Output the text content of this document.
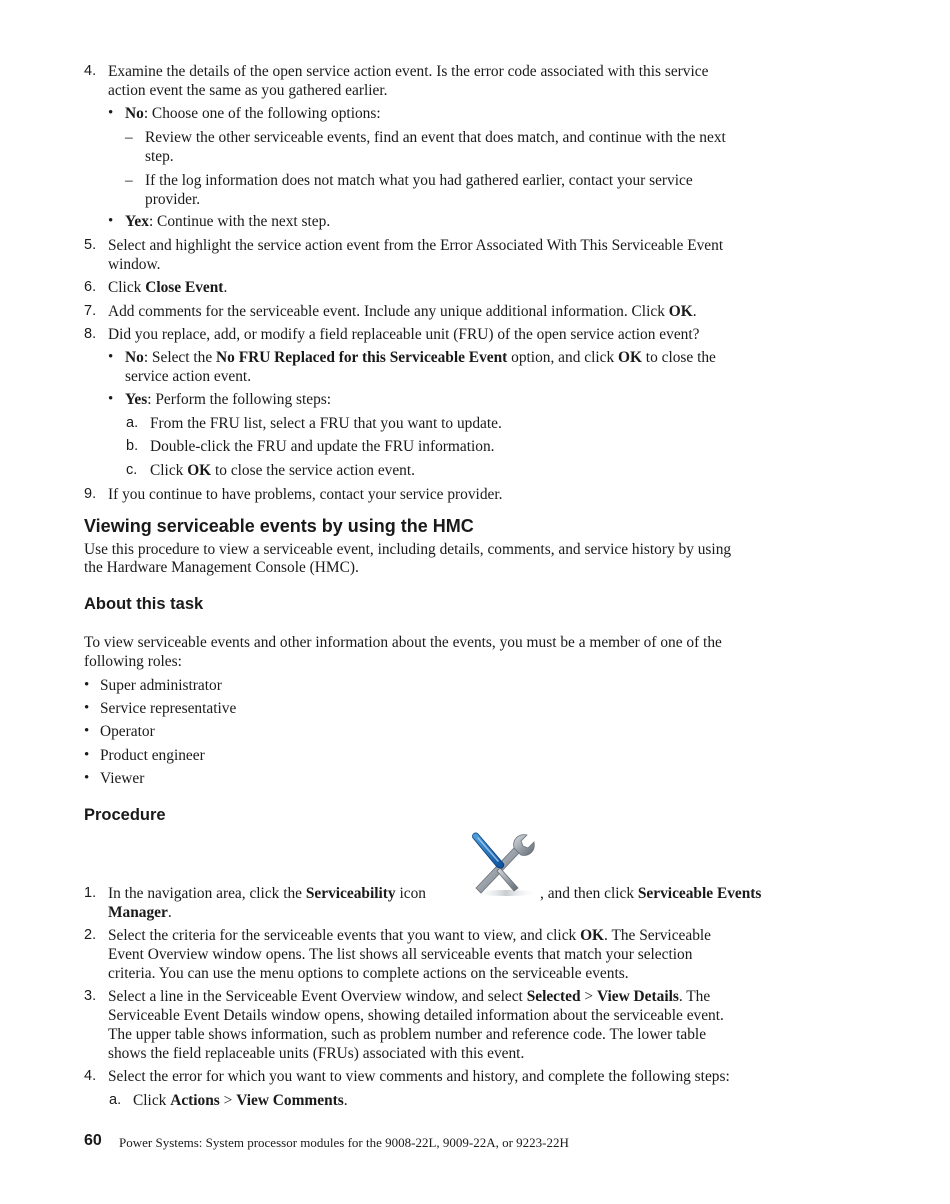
4. Examine the details of the open service action event. Is the error code associated with this service
action event the same as you gathered earlier.
• No: Choose one of the following options:
– Review the other serviceable events, find an event that does match, and continue with the next
step.
– If the log information does not match what you had gathered earlier, contact your service
provider.
• Yex: Continue with the next step.
5. Select and highlight the service action event from the Error Associated With This Serviceable Event
window.
6. Click Close Event.
7. Add comments for the serviceable event. Include any unique additional information. Click OK.
8. Did you replace, add, or modify a field replaceable unit (FRU) of the open service action event?
• No: Select the No FRU Replaced for this Serviceable Event option, and click OK to close the
service action event.
• Yes: Perform the following steps:
a. From the FRU list, select a FRU that you want to update.
b. Double-click the FRU and update the FRU information.
c. Click OK to close the service action event.
9. If you continue to have problems, contact your service provider.
Viewing serviceable events by using the HMC
Use this procedure to view a serviceable event, including details, comments, and service history by using
the Hardware Management Console (HMC).
About this task
To view serviceable events and other information about the events, you must be a member of one of the
following roles:
• Super administrator
• Service representative
• Operator
• Product engineer
• Viewer
Procedure
1. In the navigation area, click the Serviceability icon	, and then click Serviceable Events
Manager.
2. Select the criteria for the serviceable events that you want to view, and click OK. The Serviceable
Event Overview window opens. The list shows all serviceable events that match your selection
criteria. You can use the menu options to complete actions on the serviceable events.
3. Select a line in the Serviceable Event Overview window, and select Selected > View Details. The
Serviceable Event Details window opens, showing detailed information about the serviceable event.
The upper table shows information, such as problem number and reference code. The lower table
shows the field replaceable units (FRUs) associated with this event.
4. Select the error for which you want to view comments and history, and complete the following steps:
a. Click Actions > View Comments.
60 Power Systems: System processor modules for the 9008-22L, 9009-22A, or 9223-22H
